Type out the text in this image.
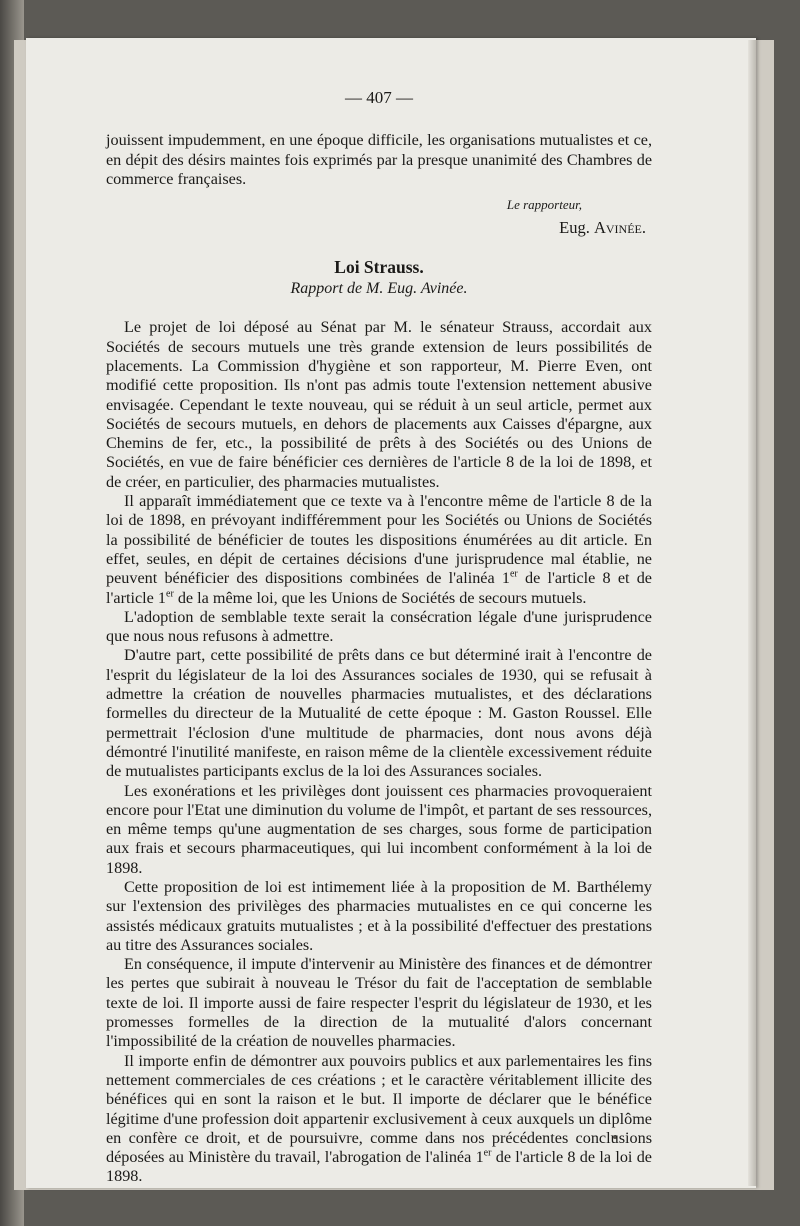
— 407 —

jouissent impudemment, en une époque difficile, les organisations mutualistes et ce, en dépit des désirs maintes fois exprimés par la presque unanimité des Chambres de commerce françaises.

Le rapporteur,
Eug. Avinée.
Loi Strauss.
Rapport de M. Eug. Avinée.

Le projet de loi déposé au Sénat par M. le sénateur Strauss, accordait aux Sociétés de secours mutuels une très grande extension de leurs possibilités de placements. La Commission d'hygiène et son rapporteur, M. Pierre Even, ont modifié cette proposition. Ils n'ont pas admis toute l'extension nettement abusive envisagée. Cependant le texte nouveau, qui se réduit à un seul article, permet aux Sociétés de secours mutuels, en dehors de placements aux Caisses d'épargne, aux Chemins de fer, etc., la possibilité de prêts à des Sociétés ou des Unions de Sociétés, en vue de faire bénéficier ces dernières de l'article 8 de la loi de 1898, et de créer, en particulier, des pharmacies mutualistes.

Il apparaît immédiatement que ce texte va à l'encontre même de l'article 8 de la loi de 1898, en prévoyant indifféremment pour les Sociétés ou Unions de Sociétés la possibilité de bénéficier de toutes les dispositions énumérées au dit article. En effet, seules, en dépit de certaines décisions d'une jurisprudence mal établie, ne peuvent bénéficier des dispositions combinées de l'alinéa 1er de l'article 8 et de l'article 1er de la même loi, que les Unions de Sociétés de secours mutuels.

L'adoption de semblable texte serait la consécration légale d'une jurisprudence que nous nous refusons à admettre.

D'autre part, cette possibilité de prêts dans ce but déterminé irait à l'encontre de l'esprit du législateur de la loi des Assurances sociales de 1930, qui se refusait à admettre la création de nouvelles pharmacies mutualistes, et des déclarations formelles du directeur de la Mutualité de cette époque : M. Gaston Roussel. Elle permettrait l'éclosion d'une multitude de pharmacies, dont nous avons déjà démontré l'inutilité manifeste, en raison même de la clientèle excessivement réduite de mutualistes participants exclus de la loi des Assurances sociales.

Les exonérations et les privilèges dont jouissent ces pharmacies provoqueraient encore pour l'Etat une diminution du volume de l'impôt, et partant de ses ressources, en même temps qu'une augmentation de ses charges, sous forme de participation aux frais et secours pharmaceutiques, qui lui incombent conformément à la loi de 1898.

Cette proposition de loi est intimement liée à la proposition de M. Barthélemy sur l'extension des privilèges des pharmacies mutualistes en ce qui concerne les assistés médicaux gratuits mutualistes ; et à la possibilité d'effectuer des prestations au titre des Assurances sociales.

En conséquence, il impute d'intervenir au Ministère des finances et de démontrer les pertes que subirait à nouveau le Trésor du fait de l'acceptation de semblable texte de loi. Il importe aussi de faire respecter l'esprit du législateur de 1930, et les promesses formelles de la direction de la mutualité d'alors concernant l'impossibilité de la création de nouvelles pharmacies.

Il importe enfin de démontrer aux pouvoirs publics et aux parlementaires les fins nettement commerciales de ces créations ; et le caractère véritablement illicite des bénéfices qui en sont la raison et le but. Il importe de déclarer que le bénéfice légitime d'une profession doit appartenir exclusivement à ceux auxquels un diplôme en confère ce droit, et de poursuivre, comme dans nos précédentes conclusions déposées au Ministère du travail, l'abrogation de l'alinéa 1er de l'article 8 de la loi de 1898.
